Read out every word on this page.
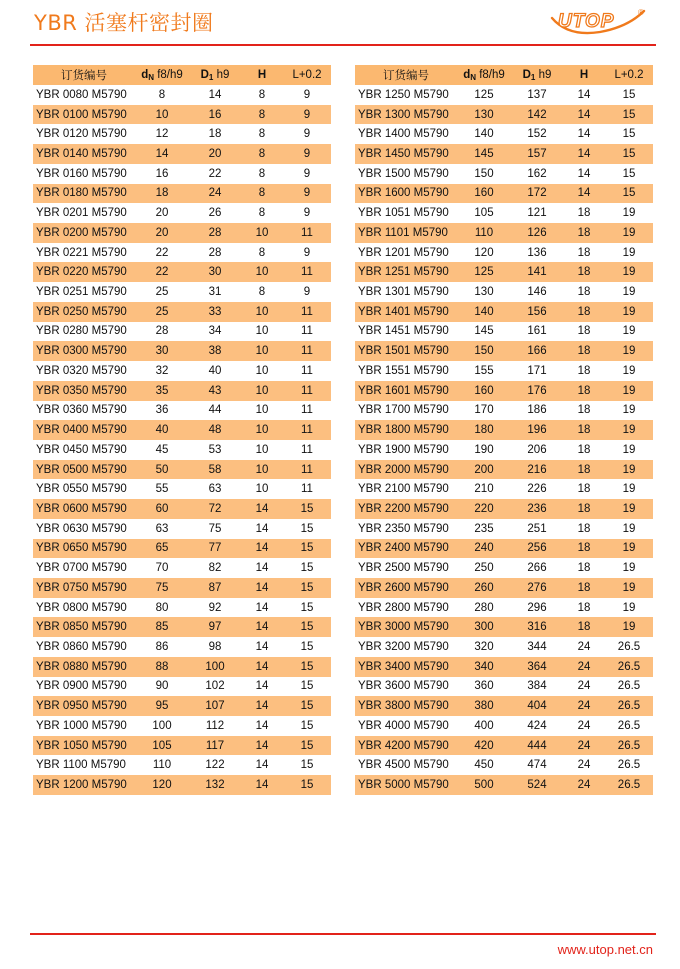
YBR 活塞杆密封圈	UTOP	®
订货编号	dN f8/h9	D1 h9	H	L+0.2
YBR 0080 M5790	8	14	8	9
YBR 0100 M5790	10	16	8	9
YBR 0120 M5790	12	18	8	9
YBR 0140 M5790	14	20	8	9
YBR 0160 M5790	16	22	8	9
YBR 0180 M5790	18	24	8	9
YBR 0201 M5790	20	26	8	9
YBR 0200 M5790	20	28	10	11
YBR 0221 M5790	22	28	8	9
YBR 0220 M5790	22	30	10	11
YBR 0251 M5790	25	31	8	9
YBR 0250 M5790	25	33	10	11
YBR 0280 M5790	28	34	10	11
YBR 0300 M5790	30	38	10	11
YBR 0320 M5790	32	40	10	11
YBR 0350 M5790	35	43	10	11
YBR 0360 M5790	36	44	10	11
YBR 0400 M5790	40	48	10	11
YBR 0450 M5790	45	53	10	11
YBR 0500 M5790	50	58	10	11
YBR 0550 M5790	55	63	10	11
YBR 0600 M5790	60	72	14	15
YBR 0630 M5790	63	75	14	15
YBR 0650 M5790	65	77	14	15
YBR 0700 M5790	70	82	14	15
YBR 0750 M5790	75	87	14	15
YBR 0800 M5790	80	92	14	15
YBR 0850 M5790	85	97	14	15
YBR 0860 M5790	86	98	14	15
YBR 0880 M5790	88	100	14	15
YBR 0900 M5790	90	102	14	15
YBR 0950 M5790	95	107	14	15
YBR 1000 M5790	100	112	14	15
YBR 1050 M5790	105	117	14	15
YBR 1100 M5790	110	122	14	15
YBR 1200 M5790	120	132	14	15
订货编号	dN f8/h9	D1 h9	H	L+0.2
YBR 1250 M5790	125	137	14	15
YBR 1300 M5790	130	142	14	15
YBR 1400 M5790	140	152	14	15
YBR 1450 M5790	145	157	14	15
YBR 1500 M5790	150	162	14	15
YBR 1600 M5790	160	172	14	15
YBR 1051 M5790	105	121	18	19
YBR 1101 M5790	110	126	18	19
YBR 1201 M5790	120	136	18	19
YBR 1251 M5790	125	141	18	19
YBR 1301 M5790	130	146	18	19
YBR 1401 M5790	140	156	18	19
YBR 1451 M5790	145	161	18	19
YBR 1501 M5790	150	166	18	19
YBR 1551 M5790	155	171	18	19
YBR 1601 M5790	160	176	18	19
YBR 1700 M5790	170	186	18	19
YBR 1800 M5790	180	196	18	19
YBR 1900 M5790	190	206	18	19
YBR 2000 M5790	200	216	18	19
YBR 2100 M5790	210	226	18	19
YBR 2200 M5790	220	236	18	19
YBR 2350 M5790	235	251	18	19
YBR 2400 M5790	240	256	18	19
YBR 2500 M5790	250	266	18	19
YBR 2600 M5790	260	276	18	19
YBR 2800 M5790	280	296	18	19
YBR 3000 M5790	300	316	18	19
YBR 3200 M5790	320	344	24	26.5
YBR 3400 M5790	340	364	24	26.5
YBR 3600 M5790	360	384	24	26.5
YBR 3800 M5790	380	404	24	26.5
YBR 4000 M5790	400	424	24	26.5
YBR 4200 M5790	420	444	24	26.5
YBR 4500 M5790	450	474	24	26.5
YBR 5000 M5790	500	524	24	26.5
www.utop.net.cn
